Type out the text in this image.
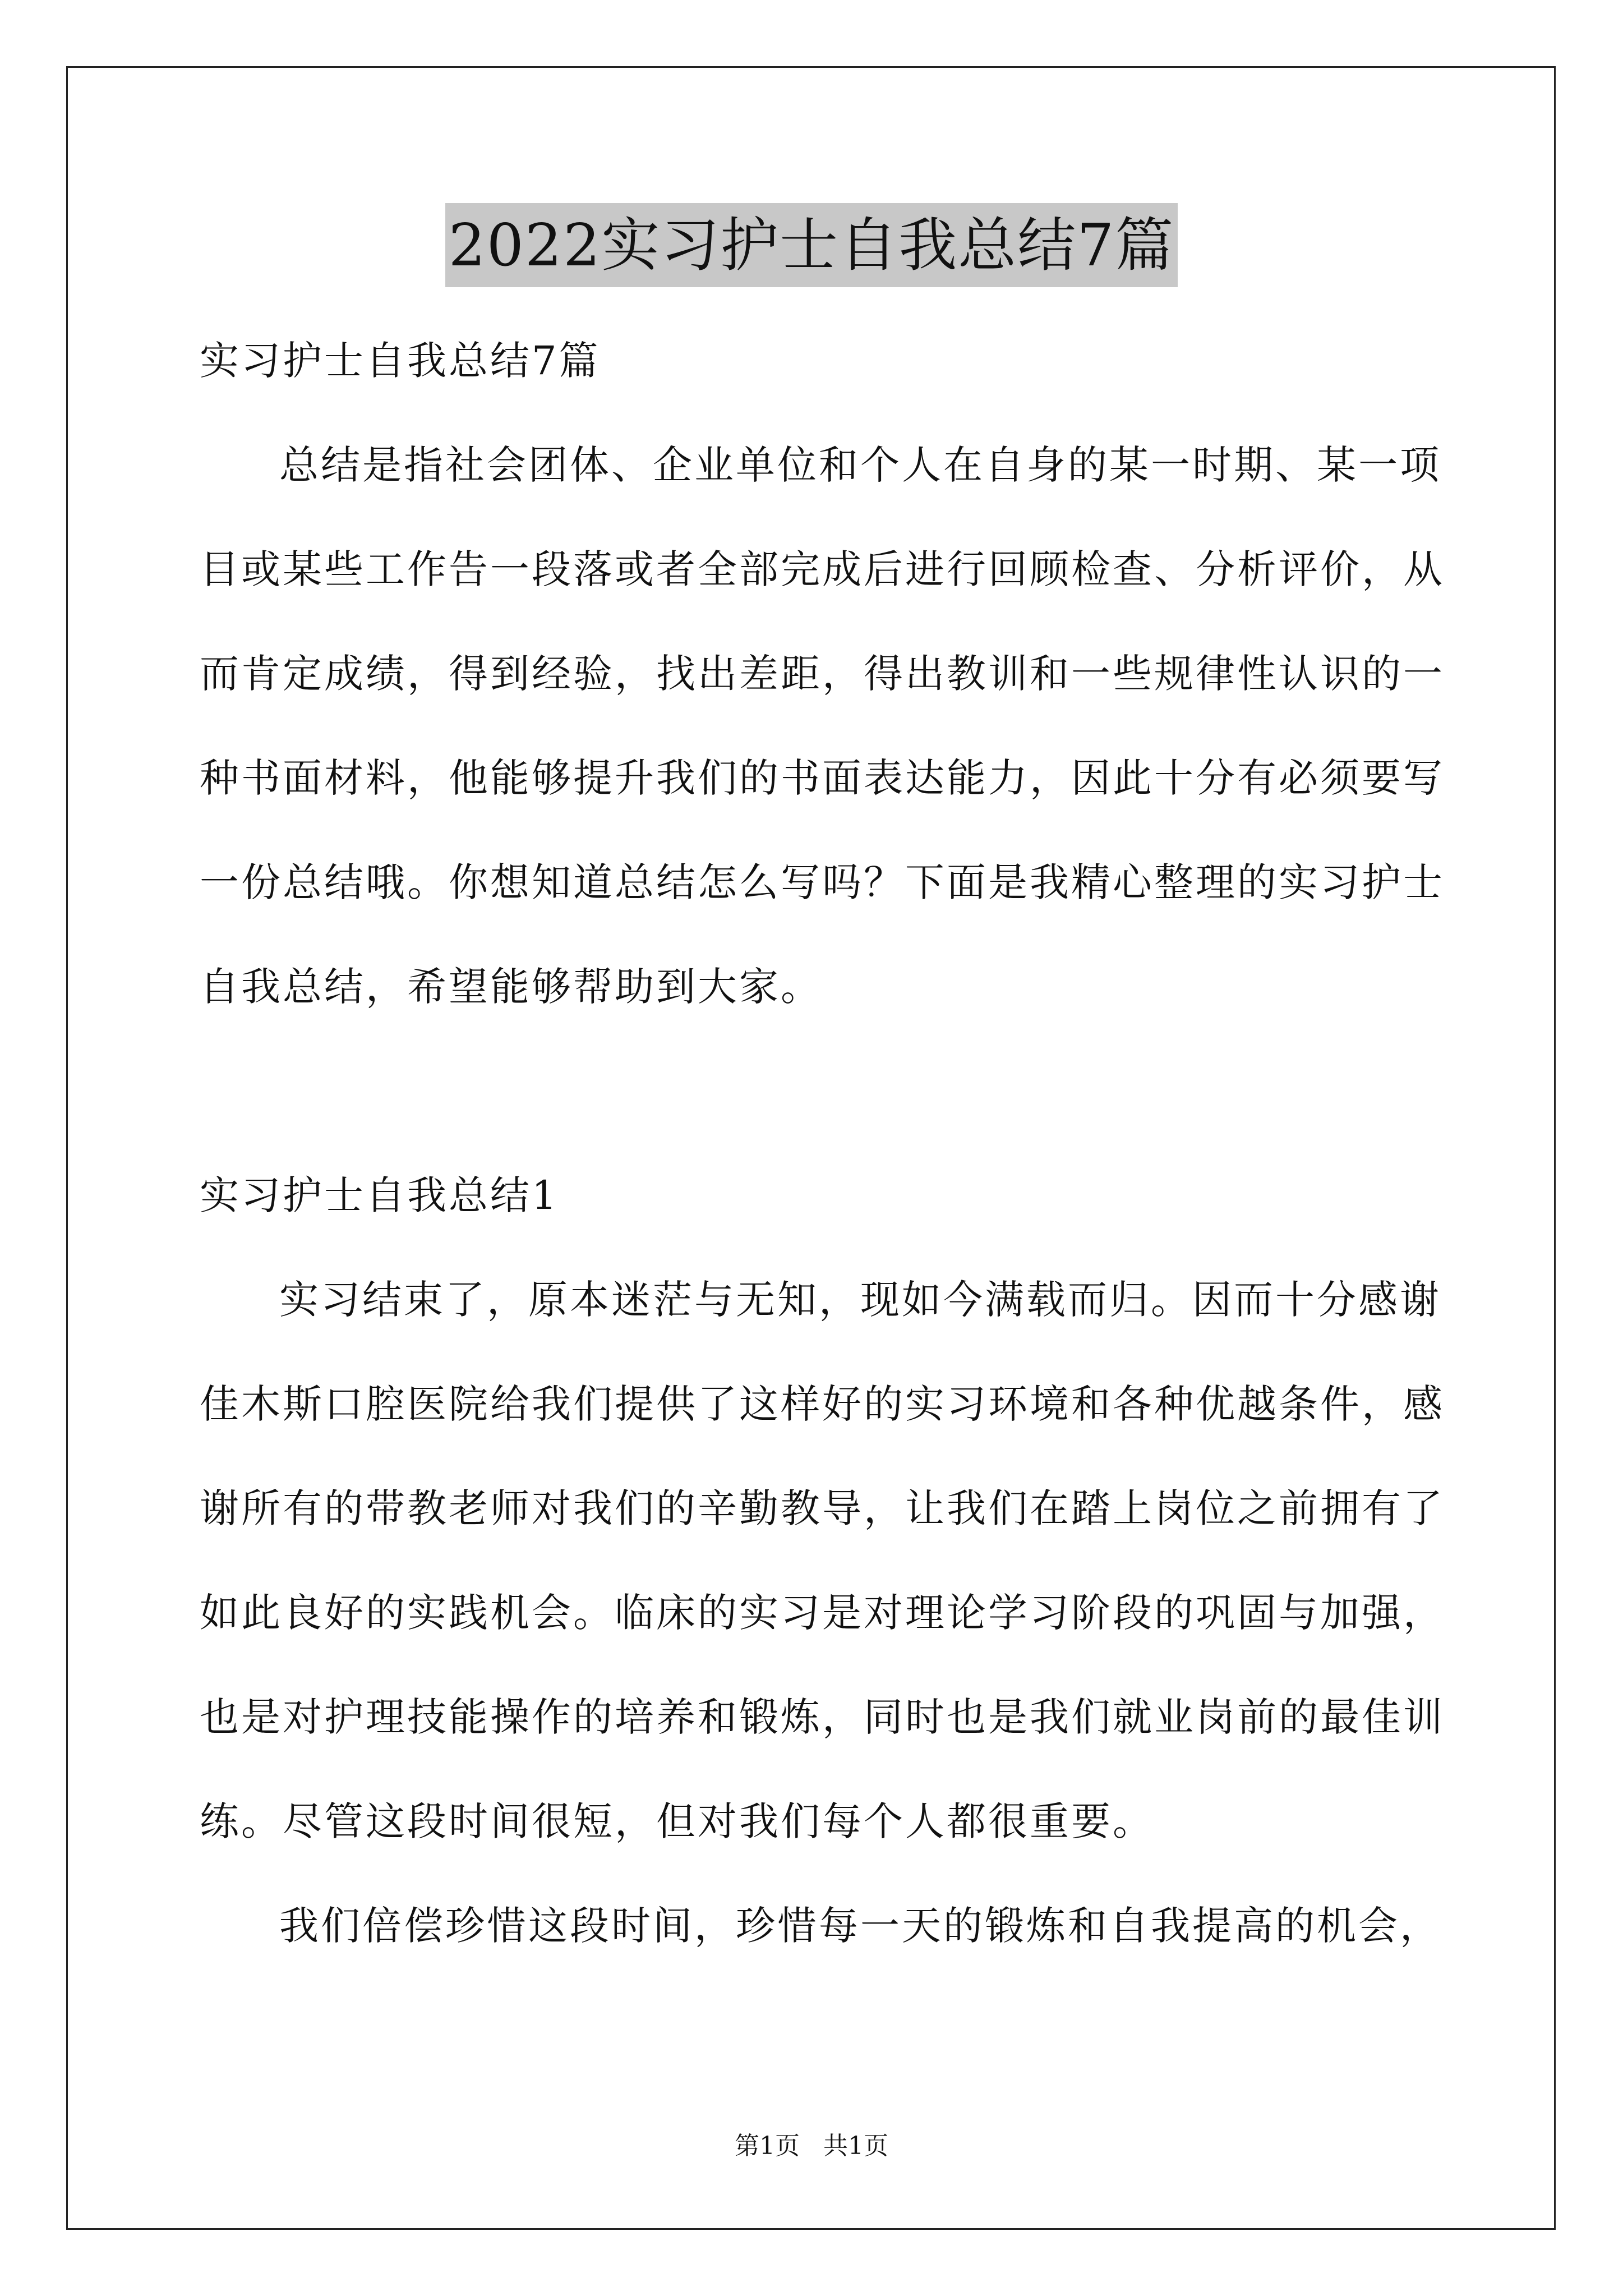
2022实习护士自我总结7篇
实习护士自我总结7篇
总结是指社会团体、企业单位和个人在自身的某一时期、某一项
目或某些工作告一段落或者全部完成后进行回顾检查、分析评价，从
而肯定成绩，得到经验，找出差距，得出教训和一些规律性认识的一
种书面材料，他能够提升我们的书面表达能力，因此十分有必须要写
一份总结哦。你想知道总结怎么写吗？下面是我精心整理的实习护士
自我总结，希望能够帮助到大家。
实习护士自我总结1
实习结束了，原本迷茫与无知，现如今满载而归。因而十分感谢
佳木斯口腔医院给我们提供了这样好的实习环境和各种优越条件，感
谢所有的带教老师对我们的辛勤教导，让我们在踏上岗位之前拥有了
如此良好的实践机会。临床的实习是对理论学习阶段的巩固与加强，
也是对护理技能操作的培养和锻炼，同时也是我们就业岗前的最佳训
练。尽管这段时间很短，但对我们每个人都很重要。
我们倍偿珍惜这段时间，珍惜每一天的锻炼和自我提高的机会，
第1页   共1页
